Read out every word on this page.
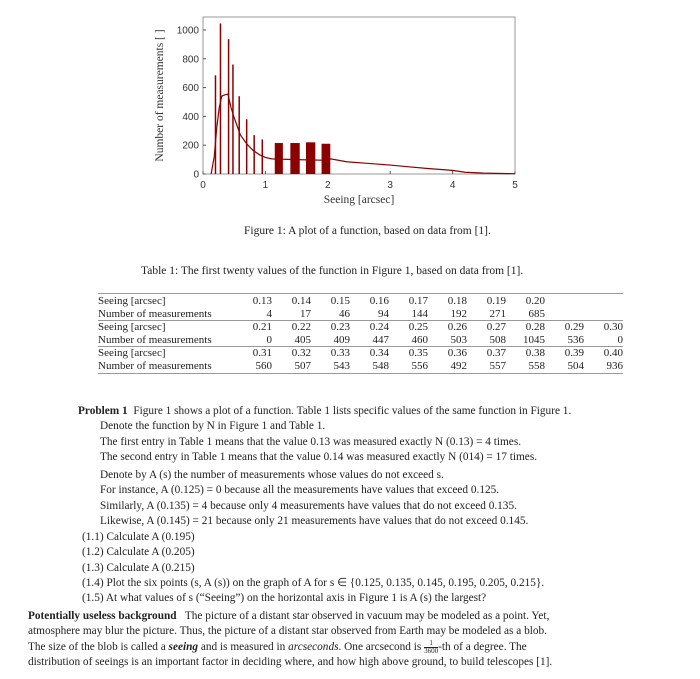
0	1	2	3	4	5
0
200
400
600
800
1000
Seeing [arcsec]
Number of measurements [ ]
Figure 1: A plot of a function, based on data from [1].
Table 1: The first twenty values of the function in Figure 1, based on data from [1].
Seeing [arcsec]	0.13	0.14	0.15	0.16	0.17	0.18	0.19	0.20		
Number of measurements	4	17	46	94	144	192	271	685		
Seeing [arcsec]	0.21	0.22	0.23	0.24	0.25	0.26	0.27	0.28	0.29	0.30
Number of measurements	0	405	409	447	460	503	508	1045	536	0
Seeing [arcsec]	0.31	0.32	0.33	0.34	0.35	0.36	0.37	0.38	0.39	0.40
Number of measurements	560	507	543	548	556	492	557	558	504	936
Problem 1 Figure 1 shows a plot of a function. Table 1 lists specific values of the same function in Figure 1.
Denote the function by N in Figure 1 and Table 1.
The first entry in Table 1 means that the value 0.13 was measured exactly N (0.13) = 4 times.
The second entry in Table 1 means that the value 0.14 was measured exactly N (014) = 17 times.
Denote by A (s) the number of measurements whose values do not exceed s.
For instance, A (0.125) = 0 because all the measurements have values that exceed 0.125.
Similarly, A (0.135) = 4 because only 4 measurements have values that do not exceed 0.135.
Likewise, A (0.145) = 21 because only 21 measurements have values that do not exceed 0.145.
(1.1) Calculate A (0.195)
(1.2) Calculate A (0.205)
(1.3) Calculate A (0.215)
(1.4) Plot the six points (s, A (s)) on the graph of A for s ∈ {0.125, 0.135, 0.145, 0.195, 0.205, 0.215}.
(1.5) At what values of s (“Seeing”) on the horizontal axis in Figure 1 is A (s) the largest?
Potentially useless background The picture of a distant star observed in vacuum may be modeled as a point. Yet,
atmosphere may blur the picture. Thus, the picture of a distant star observed from Earth may be modeled as a blob.
The size of the blob is called a seeing and is measured in arcseconds. One arcsecond is $\frac{1}{3600} -th$ of a degree. The
distribution of seeings is an important factor in deciding where, and how high above ground, to build telescopes [1].
